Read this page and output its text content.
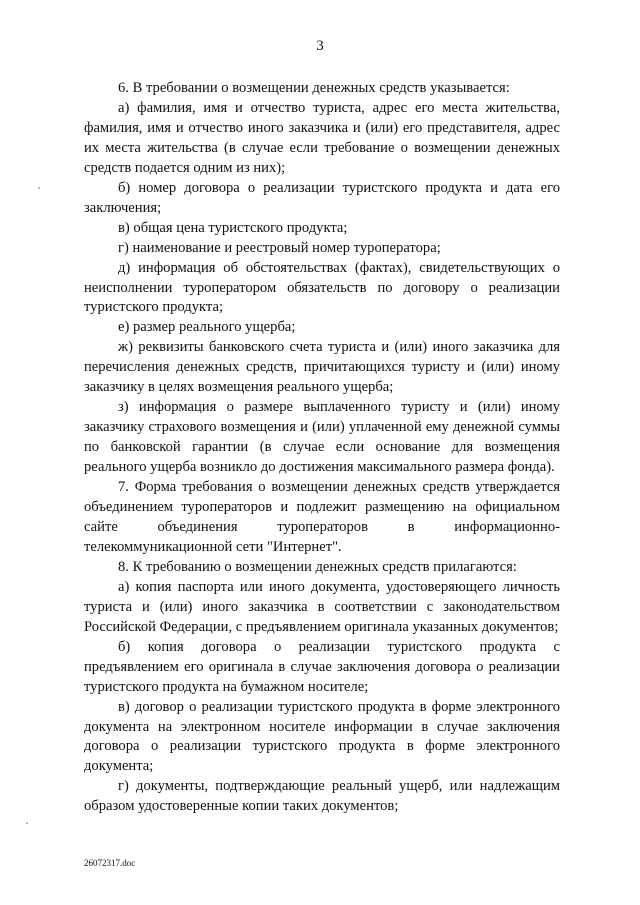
3

6. В требовании о возмещении денежных средств указывается:

а) фамилия, имя и отчество туриста, адрес его места жительства, фамилия, имя и отчество иного заказчика и (или) его представителя, адрес их места жительства (в случае если требование о возмещении денежных средств подается одним из них);

б) номер договора о реализации туристского продукта и дата его заключения;

в) общая цена туристского продукта;

г) наименование и реестровый номер туроператора;

д) информация об обстоятельствах (фактах), свидетельствующих о неисполнении туроператором обязательств по договору о реализации туристского продукта;

е) размер реального ущерба;

ж) реквизиты банковского счета туриста и (или) иного заказчика для перечисления денежных средств, причитающихся туристу и (или) иному заказчику в целях возмещения реального ущерба;

з) информация о размере выплаченного туристу и (или) иному заказчику страхового возмещения и (или) уплаченной ему денежной суммы по банковской гарантии (в случае если основание для возмещения реального ущерба возникло до достижения максимального размера фонда).

7. Форма требования о возмещении денежных средств утверждается объединением туроператоров и подлежит размещению на официальном сайте объединения туроператоров в информационно-телекоммуникационной сети "Интернет".

8. К требованию о возмещении денежных средств прилагаются:

а) копия паспорта или иного документа, удостоверяющего личность туриста и (или) иного заказчика в соответствии с законодательством Российской Федерации, с предъявлением оригинала указанных документов;

б) копия договора о реализации туристского продукта с предъявлением его оригинала в случае заключения договора о реализации туристского продукта на бумажном носителе;

в) договор о реализации туристского продукта в форме электронного документа на электронном носителе информации в случае заключения договора о реализации туристского продукта в форме электронного документа;

г) документы, подтверждающие реальный ущерб, или надлежащим образом удостоверенные копии таких документов;

26072317.doc
